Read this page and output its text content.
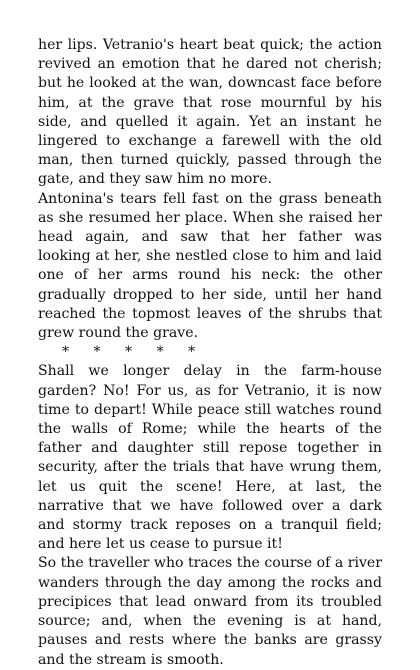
her lips. Vetranio's heart beat quick; the action revived an emotion that he dared not cherish; but he looked at the wan, downcast face before him, at the grave that rose mournful by his side, and quelled it again. Yet an instant he lingered to exchange a farewell with the old man, then turned quickly, passed through the gate, and they saw him no more.

Antonina's tears fell fast on the grass beneath as she resumed her place. When she raised her head again, and saw that her father was looking at her, she nestled close to him and laid one of her arms round his neck: the other gradually dropped to her side, until her hand reached the topmost leaves of the shrubs that grew round the grave.

* * * * *

Shall we longer delay in the farm-house garden? No! For us, as for Vetranio, it is now time to depart! While peace still watches round the walls of Rome; while the hearts of the father and daughter still repose together in security, after the trials that have wrung them, let us quit the scene! Here, at last, the narrative that we have followed over a dark and stormy track reposes on a tranquil field; and here let us cease to pursue it!

So the traveller who traces the course of a river wanders through the day among the rocks and precipices that lead onward from its troubled source; and, when the evening is at hand, pauses and rests where the banks are grassy and the stream is smooth.
